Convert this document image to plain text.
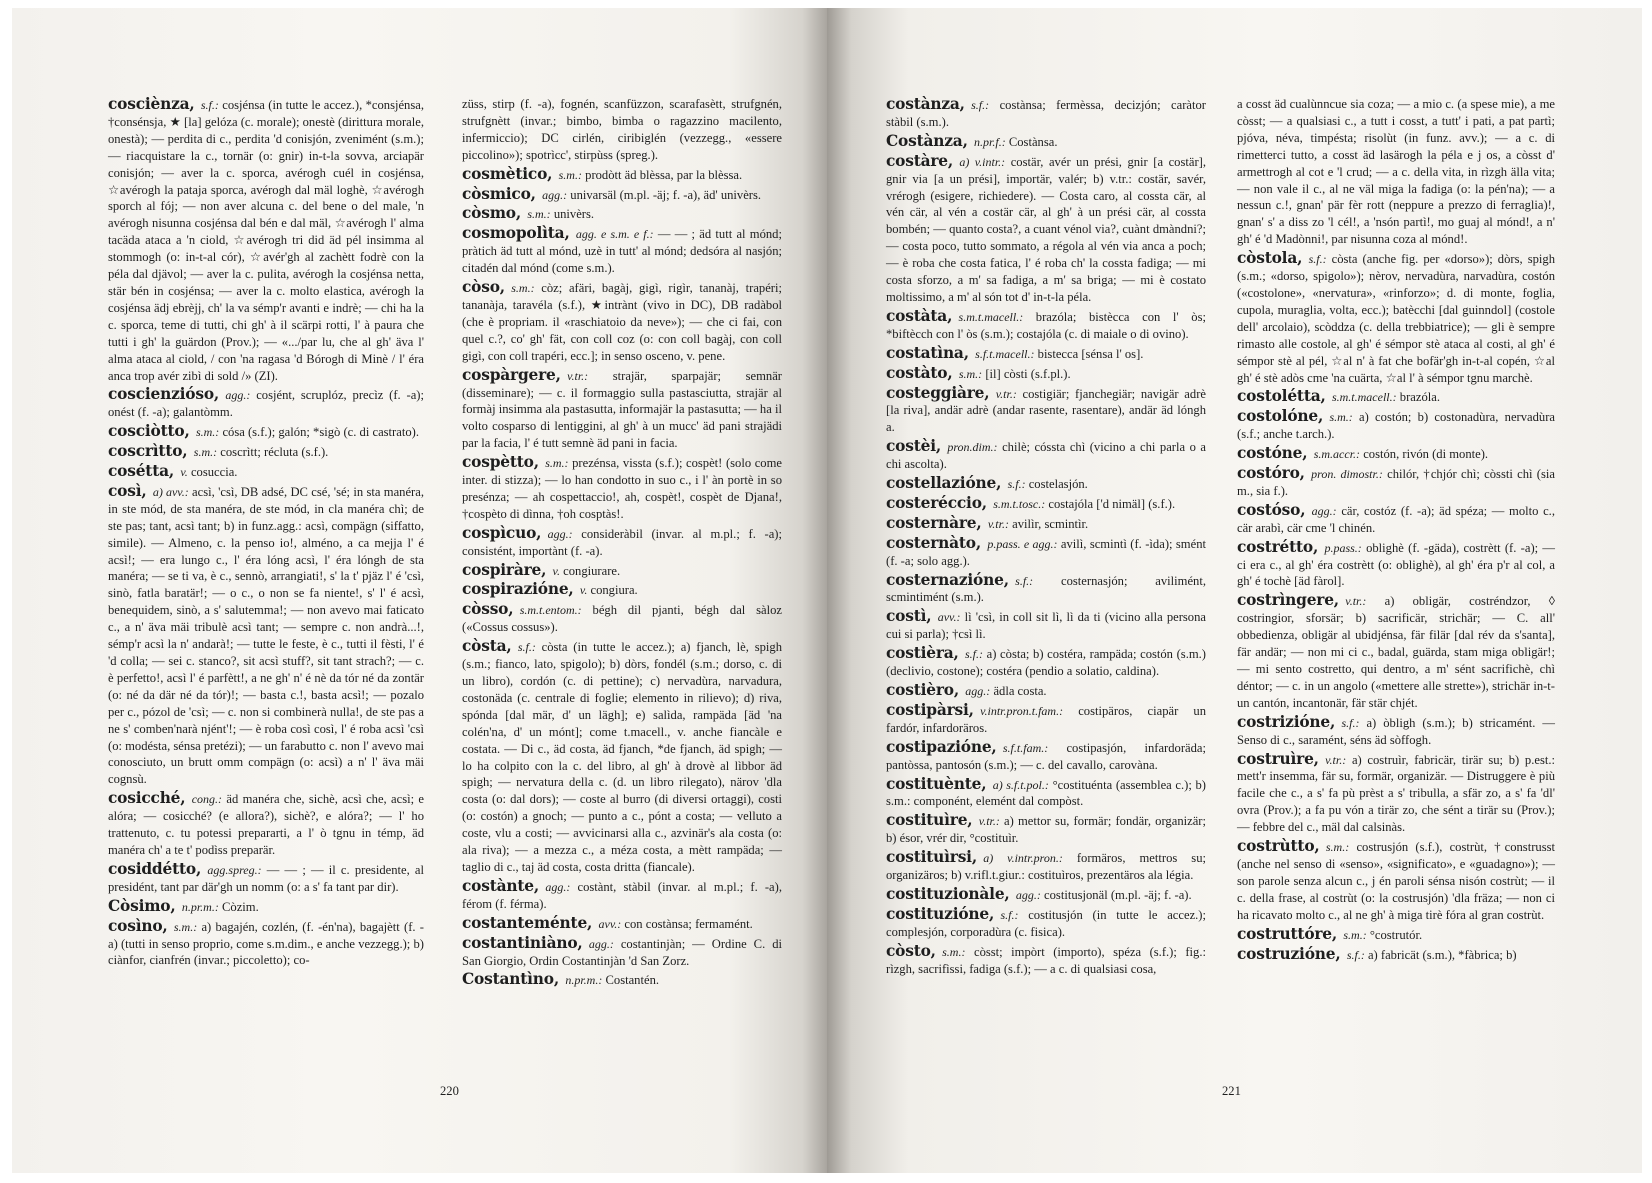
cosciènza,  s.f.: cosjénsa (in tutte le accez.), *consjénsa, †consénsja, ★ [la] gelóza (c. morale); onestè (dirittura morale, onestà); — perdita di c., perdita 'd conisjón, zvenimént (s.m.); — riacquistare la c., tornär (o: gnir) in-t-la sovva, arciapär conisjón; — aver la c. sporca, avérogh cuél in cosjénsa, ☆avérogh la pataja sporca, avérogh dal mäl loghè, ☆avérogh sporch al fój; — non aver alcuna c. del bene o del male, 'n avérogh nisunna cosjénsa dal bén e dal mäl, ☆avérogh l' alma tacäda ataca a 'n ciold, ☆avérogh tri did äd pél insimma al stommogh (o: in-t-al cór), ☆avér'gh al zachètt fodrè con la péla dal djävol; — aver la c. pulita, avérogh la cosjénsa netta, stär bén in cosjénsa; — aver la c. molto elastica, avérogh la cosjénsa ädj ebrèjj, ch' la va sémp'r avanti e indrè; — chi ha la c. sporca, teme di tutti, chi gh' à il scärpi rotti, l' à paura che tutti i gh' la guärdon (Prov.); — «.../par lu, che al gh' äva l' alma ataca al ciold, / con 'na ragasa 'd Bórogh di Minè / l' éra anca trop avér zibì di sold /» (ZI).

coscienzióso,  agg.: cosjént, scruplóz, precìz (f. -a); onést (f. -a); galantòmm.

cosciòtto,  s.m.: cósa (s.f.); galón; *sigò (c. di castrato).

coscrìtto,  s.m.: coscrìtt; récluta (s.f.).

coséttа,  v. cosuccia.

così,  a) avv.: acsì, 'csì, DB adsé, DC csé, 'sé; in sta manéra, in ste mód, de sta manéra, de ste mód, in cla manéra chì; de ste pas; tant, acsì tant; b) in funz.agg.: acsì, compägn (siffatto, simile). — Almeno, c. la penso io!, alméno, a ca mejja l' é acsì!; — era lungo c., l' éra lóng acsì, l' éra lóngh de sta manéra; — se ti va, è c., sennò, arrangiati!, s' la t' pjäz l' é 'csì, sinò, fatla baratär!; — o c., o non se fa niente!, s' l' é acsì, benequidem, sinò, a s' salutemma!; — non avevo mai faticato c., a n' äva mäi tribulè acsì tant; — sempre c. non andrà...!, sémp'r acsì la n' andarà!; — tutte le feste, è c., tutti il fèsti, l' é 'd colla; — sei c. stanco?, sit acsì stuff?, sit tant strach?; — c. è perfetto!, acsì l' é parfètt!, a ne gh' n' é nè da tór né da zontär (o: né da där né da tór)!; — basta c.!, basta acsì!; — pozalo per c., pózol de 'csì; — c. non si combinerà nulla!, de ste pas a ne s' comben'narà njént'!; — è roba così così, l' é roba acsì 'csì (o: modésta, sénsa pretézi); — un farabutto c. non l' avevo mai conosciuto, un brutt omm compägn (o: acsì) a n' l' äva mäi cognsù.

cosicché,  cong.: äd manéra che, sichè, acsì che, acsì; e alóra; — cosicché? (e allora?), sichè?, e alóra?; — l' ho trattenuto, c. tu potessi prepararti, a l' ò tgnu in témp, äd manéra ch' a te t' podìss preparär.

cosiddétto,  agg.spreg.: — — ; — il c. presidente, al presidént, tant par där'gh un nomm (o: a s' fa tant par dir).

Còsimo,  n.pr.m.: Còzim.

cosìno,  s.m.: a) bagajén, cozlén, (f. -én'na), bagajètt (f. -a) (tutti in senso proprio, come s.m.dim., e anche vezzegg.); b) ciànfor, cianfrén (invar.; piccoletto); co-

züss, stirp (f. -a), fognén, scanfüzzon, scarafasètt, strufgnén, strufgnètt (invar.; bimbo, bimba o ragazzino macilento, infermiccio); DC cirlén, ciribiglén (vezzegg., «essere piccolino»); spotrìcc', stirpùss (spreg.).

cosmètico,  s.m.: prodòtt äd blèssa, par la blèssa.

còsmico,  agg.: univarsäl (m.pl. -äj; f. -a), äd' univèrs.

còsmo,  s.m.: univèrs.

cosmopolìta,  agg. e s.m. e f.: — — ; äd tutt al mónd; pràtich äd tutt al mónd, uzè in tutt' al mónd; dedsóra al nasjón; citadén dal mónd (come s.m.).

còso,  s.m.: còz; afäri, bagàj, gigì, rigìr, tananàj, trapéri; tananàja, taravéla (s.f.), ★intrànt (vivo in DC), DB radàbol (che è propriam. il «raschiatoio da neve»); — che ci fai, con quel c.?, co' gh' fät, con coll coz (o: con coll bagàj, con coll gigì, con coll trapéri, ecc.]; in senso osceno, v. pene.

cospàrgere,  v.tr.: strajär, sparpajär; semnär (disseminare); — c. il formaggio sulla pastasciutta, strajär al formàj insimma ala pastasutta, informajär la pastasutta; — ha il volto cosparso di lentiggini, al gh' à un mucc' äd pani strajädi par la facia, l' é tutt semnè äd pani in facia.

cospètto,  s.m.: prezénsa, vissta (s.f.); cospèt! (solo come inter. di stizza); — lo han condotto in suo c., i l' àn portè in so presénza; — ah cospettaccio!, ah, cospèt!, cospèt de Djana!, †cospèto di dìnna, †oh cosptàs!.

cospìcuo,  agg.: consideràbil (invar. al m.pl.; f. -a); consistént, importànt (f. -a).

cospiràre,  v. congiurare.

cospirazióne,  v. congiura.

còsso,  s.m.t.entom.: bégh dil pjanti, bégh dal sàloz («Cossus cossus»).

còsta,  s.f.: còsta (in tutte le accez.); a) fjanch, lè, spigh (s.m.; fianco, lato, spigolo); b) dòrs, fondél (s.m.; dorso, c. di un libro), cordón (c. di pettine); c) nervadùra, narvadura, costonäda (c. centrale di foglie; elemento in rilievo); d) riva, spónda [dal mär, d' un lägh]; e) salìda, rampäda [äd 'na colén'na, d' un mónt]; come t.macell., v. anche fiancàle e costata. — Di c., äd costa, äd fjanch, *de fjanch, äd spigh; — lo ha colpito con la c. del libro, al gh' à drovè al lìbbor äd spigh; — nervatura della c. (d. un libro rilegato), närov 'dla costa (o: dal dors); — coste al burro (di diversi ortaggi), costi (o: costón) a gnoch; — punto a c., pónt a costa; — velluto a coste, vlu a costi; — avvicinarsi alla c., azvinär's ala costa (o: ala riva); — a mezza c., a méza costa, a mètt rampäda; — taglio di c., taj äd costa, costa dritta (fiancale).

costànte,  agg.: costànt, stàbil (invar. al m.pl.; f. -a), férom (f. férma).

costanteménte,  avv.: con costànsa; fermamént.

costantiniàno,  agg.: costantinjàn; — Ordine C. di San Giorgio, Ordin Costantinjàn 'd San Zorz.

Costantìno,  n.pr.m.: Costantén.

220

costànza,  s.f.: costànsa; fermèssa, decizjón; caràtor stàbil (s.m.).

Costànza,  n.pr.f.: Costànsa.

costàre,  a) v.intr.: costär, avér un prési, gnir [a costär], gnir via [a un prési], importär, valér; b) v.tr.: costär, savér, vrérogh (esigere, richiedere). — Costa caro, al cossta cär, al vén cär, al vén a costär cär, al gh' à un prési cär, al cossta bombén; — quanto costa?, a cuant vénol via?, cuànt dmàndni?; — costa poco, tutto sommato, a régola al vén via anca a poch; — è roba che costa fatica, l' é roba ch' la cossta fadiga; — mi costa sforzo, a m' sa fadiga, a m' sa briga; — mi è costato moltissimo, a m' al són tot d' in-t-la péla.

costàta,  s.m.t.macell.: brazóla; bistècca con l' òs; *biftècch con l' òs (s.m.); costajóla (c. di maiale o di ovino).

costatìna,  s.f.t.macell.: bistecca [sénsa l' os].

costàto,  s.m.: [il] còsti (s.f.pl.).

costeggiàre,  v.tr.: costigiär; fjanchegiär; navigär adrè [la riva], andär adrè (andar rasente, rasentare), andär äd lóngh a.

costèi,  pron.dim.: chilè; cóssta chì (vicino a chi parla o a chi ascolta).

costellazióne,  s.f.: costelasjón.

costeréccio,  s.m.t.tosc.: costajóla ['d nimäl] (s.f.).

costernàre,  v.tr.: avilìr, scmintìr.

costernàto,  p.pass. e agg.: avilì, scmintì (f. -ìda); smént (f. -a; solo agg.).

costernazióne,  s.f.: costernasjón; avilimént, scmintimént (s.m.).

costì,  avv.: lì 'csì, in coll sit lì, lì da ti (vicino alla persona cui si parla); †csì lì.

costièra,  s.f.: a) còsta; b) costéra, rampäda; costón (s.m.) (declivio, costone); costéra (pendio a solatio, caldina).

costièro,  agg.: ädla costa.

costipàrsi,  v.intr.pron.t.fam.: costipäros, ciapär un fardór, infardoräros.

costipazióne,  s.f.t.fam.: costipasjón, infardoräda; pantòssa, pantosón (s.m.); — c. del cavallo, carovàna.

costituènte,  a) s.f.t.pol.: °costituénta (assemblea c.); b) s.m.: componént, elemént dal compòst.

costituìre,  v.tr.: a) mettor su, formär; fondär, organizär; b) ésor, vrér dir, °costituìr.

costituìrsi,  a) v.intr.pron.: formäros, mettros su; organizäros; b) v.rifl.t.giur.: costituìros, prezentäros ala légia.

costituzionàle,  agg.: costitusjonäl (m.pl. -äj; f. -a).

costituzióne,  s.f.: costitusjón (in tutte le accez.); complesjón, corporadùra (c. fisica).

còsto,  s.m.: còsst; impòrt (importo), spéza (s.f.); fig.: rìzgh, sacrifìssi, fadiga (s.f.); — a c. di qualsiasi cosa,

a cosst äd cualùnncue sia coza; — a mio c. (a spese mie), a me còsst; — a qualsiasi c., a tutt i cosst, a tutt' i pati, a pat partì; pjóva, néva, timpésta; risolùt (in funz. avv.); — a c. di rimetterci tutto, a cosst äd lasärogh la péla e j os, a còsst d' armettrogh al cot e 'l crud; — a c. della vita, in rìzgh älla vita; — non vale il c., al ne väl miga la fadiga (o: la pén'na); — a nessun c.!, gnan' pär fèr rott (neppure a prezzo di ferraglia)!, gnan' s' a diss zo 'l cél!, a 'nsón partì!, mo guaj al mónd!, a n' gh' é 'd Madònni!, par nisunna coza al mónd!.

còstola,  s.f.: còsta (anche fig. per «dorso»); dòrs, spigh (s.m.; «dorso, spigolo»); nèrov, nervadùra, narvadùra, costón («costolone», «nervatura», «rinforzo»; d. di monte, foglia, cupola, muraglia, volta, ecc.); batècchi [dal guinndol] (costole dell' arcolaio), scòddza (c. della trebbiatrice); — gli è sempre rimasto alle costole, al gh' é sémpor stè ataca al costi, al gh' é sémpor stè al pél, ☆al n' à fat che bofär'gh in-t-al copén, ☆al gh' é stè adòs cme 'na cuärta, ☆al l' à sémpor tgnu marchè.

costolétta,  s.m.t.macell.: brazóla.

costolóne,  s.m.: a) costón; b) costonadùra, nervadùra (s.f.; anche t.arch.).

costóne,  s.m.accr.: costón, rivón (di monte).

costóro,  pron. dimostr.: chilór, †chjór chì; còssti chì (sia m., sia f.).

costóso,  agg.: cär, costóz (f. -a); äd spéza; — molto c., cär arabì, cär cme 'l chinén.

costrétto,  p.pass.: oblighè (f. -gäda), costrètt (f. -a); — ci era c., al gh' éra costrètt (o: oblighè), al gh' éra p'r al col, a gh' é tochè [äd fàrol].

costrìngere,  v.tr.: a) obligär, costréndzor, ◊ costringior, sforsär; b) sacrificär, strichär; — C. all' obbedienza, obligär al ubidjénsa, fär filär [dal rév da s'santa], fär andär; — non mi ci c., badal, guärda, stam miga obligär!; — mi sento costretto, qui dentro, a m' sént sacrifichè, chì déntor; — c. in un angolo («mettere alle strette»), strichär in-t-un cantón, incantonär, fär stär chjét.

costrizióne,  s.f.: a) òbligh (s.m.); b) stricamént. — Senso di c., saramént, séns äd sòffogh.

costruìre,  v.tr.: a) costruìr, fabricär, tirär su; b) p.est.: mett'r insemma, fär su, formär, organizär. — Distruggere è più facile che c., a s' fa pù prèst a s' tribulla, a sfär zo, a s' fa 'dl' ovra (Prov.); a fa pu vón a tirär zo, che sént a tirär su (Prov.); — febbre del c., mäl dal calsinàs.

costrùtto,  s.m.: costrusjón (s.f.), costrùt, †construsst (anche nel senso di «senso», «significato», e «guadagno»); — son parole senza alcun c., j én paroli sénsa nisón costrùt; — il c. della frase, al costrùt (o: la costrusjón) 'dla fräza; — non ci ha ricavato molto c., al ne gh' à miga tirè fóra al gran costrùt.

costruttóre,  s.m.: °costrutór.

costruzióne,  s.f.: a) fabricät (s.m.), *fàbrica; b)

221
